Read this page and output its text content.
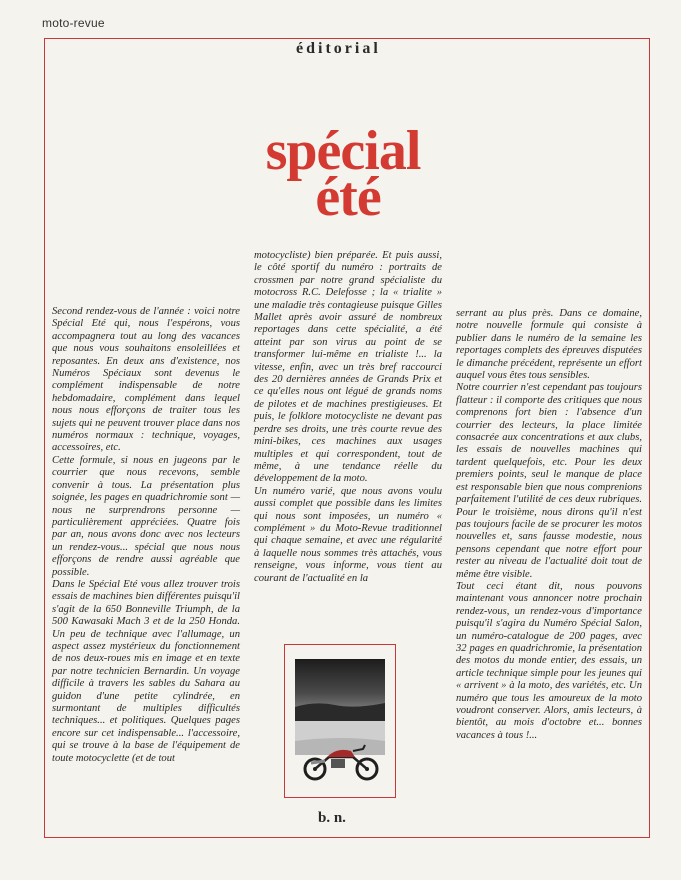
moto-revue
éditorial
spécial

été

Second rendez-vous de l'année : voici notre Spécial Eté qui, nous l'espérons, vous accompagnera tout au long des vacances que nous vous souhaitons ensoleillées et reposantes. En deux ans d'existence, nos Numéros Spéciaux sont devenus le complément indispensable de notre hebdomadaire, complément dans lequel nous nous efforçons de traiter tous les sujets qui ne peuvent trouver place dans nos numéros normaux : technique, voyages, accessoires, etc.

Cette formule, si nous en jugeons par le courrier que nous recevons, semble convenir à tous. La présentation plus soignée, les pages en quadrichromie sont — nous ne surprendrons personne — particulièrement appréciées. Quatre fois par an, nous avons donc avec nos lecteurs un rendez-vous... spécial que nous nous efforçons de rendre aussi agréable que possible.

Dans le Spécial Eté vous allez trouver trois essais de machines bien différentes puisqu'il s'agit de la 650 Bonneville Triumph, de la 500 Kawasaki Mach 3 et de la 250 Honda. Un peu de technique avec l'allumage, un aspect assez mystérieux du fonctionnement de nos deux-roues mis en image et en texte par notre technicien Bernardin. Un voyage difficile à travers les sables du Sahara au guidon d'une petite cylindrée, en surmontant de multiples difficultés techniques... et politiques. Quelques pages encore sur cet indispensable... l'accessoire, qui se trouve à la base de l'équipement de toute motocyclette (et de tout

motocycliste) bien préparée. Et puis aussi, le côté sportif du numéro : portraits de crossmen par notre grand spécialiste du motocross R.C. Delefosse ; la « trialite » une maladie très contagieuse puisque Gilles Mallet après avoir assuré de nombreux reportages dans cette spécialité, a été atteint par son virus au point de se transformer lui-même en trialiste !... la vitesse, enfin, avec un très bref raccourci des 20 dernières années de Grands Prix et ce qu'elles nous ont légué de grands noms de pilotes et de machines prestigieuses. Et puis, le folklore motocycliste ne devant pas perdre ses droits, une très courte revue des mini-bikes, ces machines aux usages multiples et qui correspondent, tout de même, à une tendance réelle du développement de la moto.

Un numéro varié, que nous avons voulu aussi complet que possible dans les limites qui nous sont imposées, un numéro « complément » du Moto-Revue traditionnel qui chaque semaine, et avec une régularité à laquelle nous sommes très attachés, vous renseigne, vous informe, vous tient au courant de l'actualité en la

serrant au plus près. Dans ce domaine, notre nouvelle formule qui consiste à publier dans le numéro de la semaine les reportages complets des épreuves disputées le dimanche précédent, représente un effort auquel vous êtes tous sensibles.

Notre courrier n'est cependant pas toujours flatteur : il comporte des critiques que nous comprenons fort bien : l'absence d'un courrier des lecteurs, la place limitée consacrée aux concentrations et aux clubs, les essais de nouvelles machines qui tardent quelquefois, etc. Pour les deux premiers points, seul le manque de place est responsable bien que nous comprenions parfaitement l'utilité de ces deux rubriques. Pour le troisième, nous dirons qu'il n'est pas toujours facile de se procurer les motos nouvelles et, sans fausse modestie, nous pensons cependant que notre effort pour rester au niveau de l'actualité doit tout de même être visible.

Tout ceci étant dit, nous pouvons maintenant vous annoncer notre prochain rendez-vous, un rendez-vous d'importance puisqu'il s'agira du Numéro Spécial Salon, un numéro-catalogue de 200 pages, avec 32 pages en quadrichromie, la présentation des motos du monde entier, des essais, un article technique simple pour les jeunes qui « arrivent » à la moto, des variétés, etc. Un numéro que tous les amoureux de la moto voudront conserver. Alors, amis lecteurs, à bientôt, au mois d'octobre et... bonnes vacances à tous !...

b. n.
